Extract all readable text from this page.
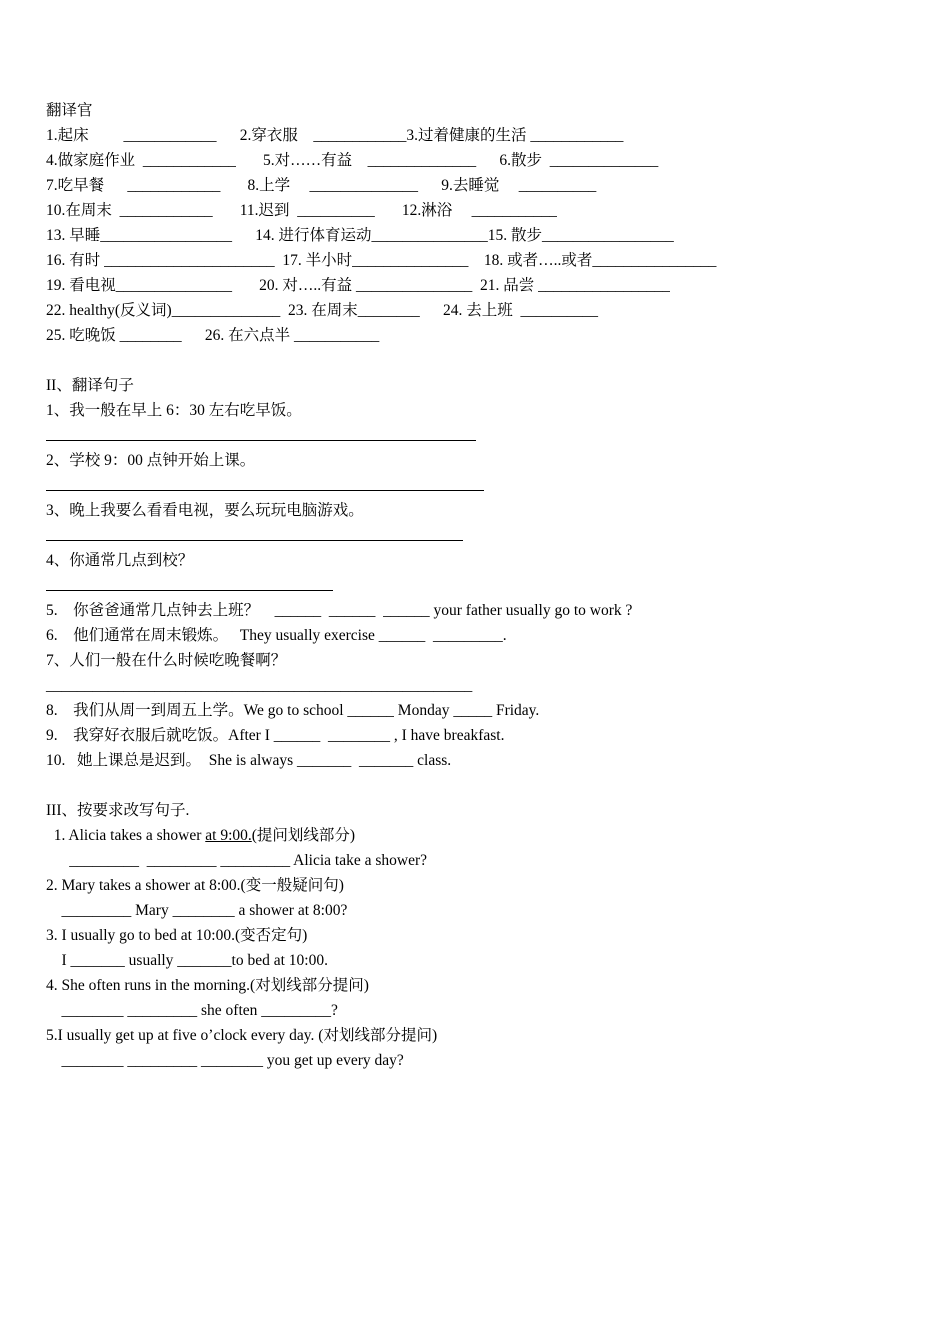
翻译官
1.起床         ____________      2.穿衣服    ____________3.过着健康的生活 ____________
4.做家庭作业  ____________       5.对……有益    ______________      6.散步  ______________
7.吃早餐      ____________       8.上学     ______________      9.去睡觉     __________
10.在周末  ____________       11.迟到  __________       12.淋浴     ___________
13. 早睡_________________      14. 进行体育运动_______________15. 散步_________________
16. 有时 ______________________  17. 半小时_______________    18. 或者…..或者________________
19. 看电视_______________       20. 对…..有益 _______________  21. 品尝 _________________
22. healthy(反义词)______________  23. 在周末________      24. 去上班  __________
25. 吃晚饭 ________      26. 在六点半 ___________
II、翻译句子
1、我一般在早上 6：30 左右吃早饭。
2、学校 9：00 点钟开始上课。
3、晚上我要么看看电视，要么玩玩电脑游戏。
4、你通常几点到校？
5.    你爸爸通常几点钟去上班？    ______  ______  ______ your father usually go to work ?
6.    他们通常在周末锻炼。   They usually exercise ______  _________.
7、人们一般在什么时候吃晚餐啊？
_______________________________________________________
8.    我们从周一到周五上学。We go to school ______ Monday _____ Friday.
9.    我穿好衣服后就吃饭。After I ______  ________ , I have breakfast.
10.   她上课总是迟到。  She is always _______  _______ class.
III、按要求改写句子.
1. Alicia takes a shower at 9:00.(提问划线部分)
_________  _________ _________ Alicia take a shower?
2. Mary takes a shower at 8:00.(变一般疑问句)
_________ Mary ________ a shower at 8:00?
3. I usually go to bed at 10:00.(变否定句)
I _______ usually _______to bed at 10:00.
4. She often runs in the morning.(对划线部分提问)
________ _________ she often _________?
5.I usually get up at five o’clock every day. (对划线部分提问)
________ _________ ________ you get up every day?
